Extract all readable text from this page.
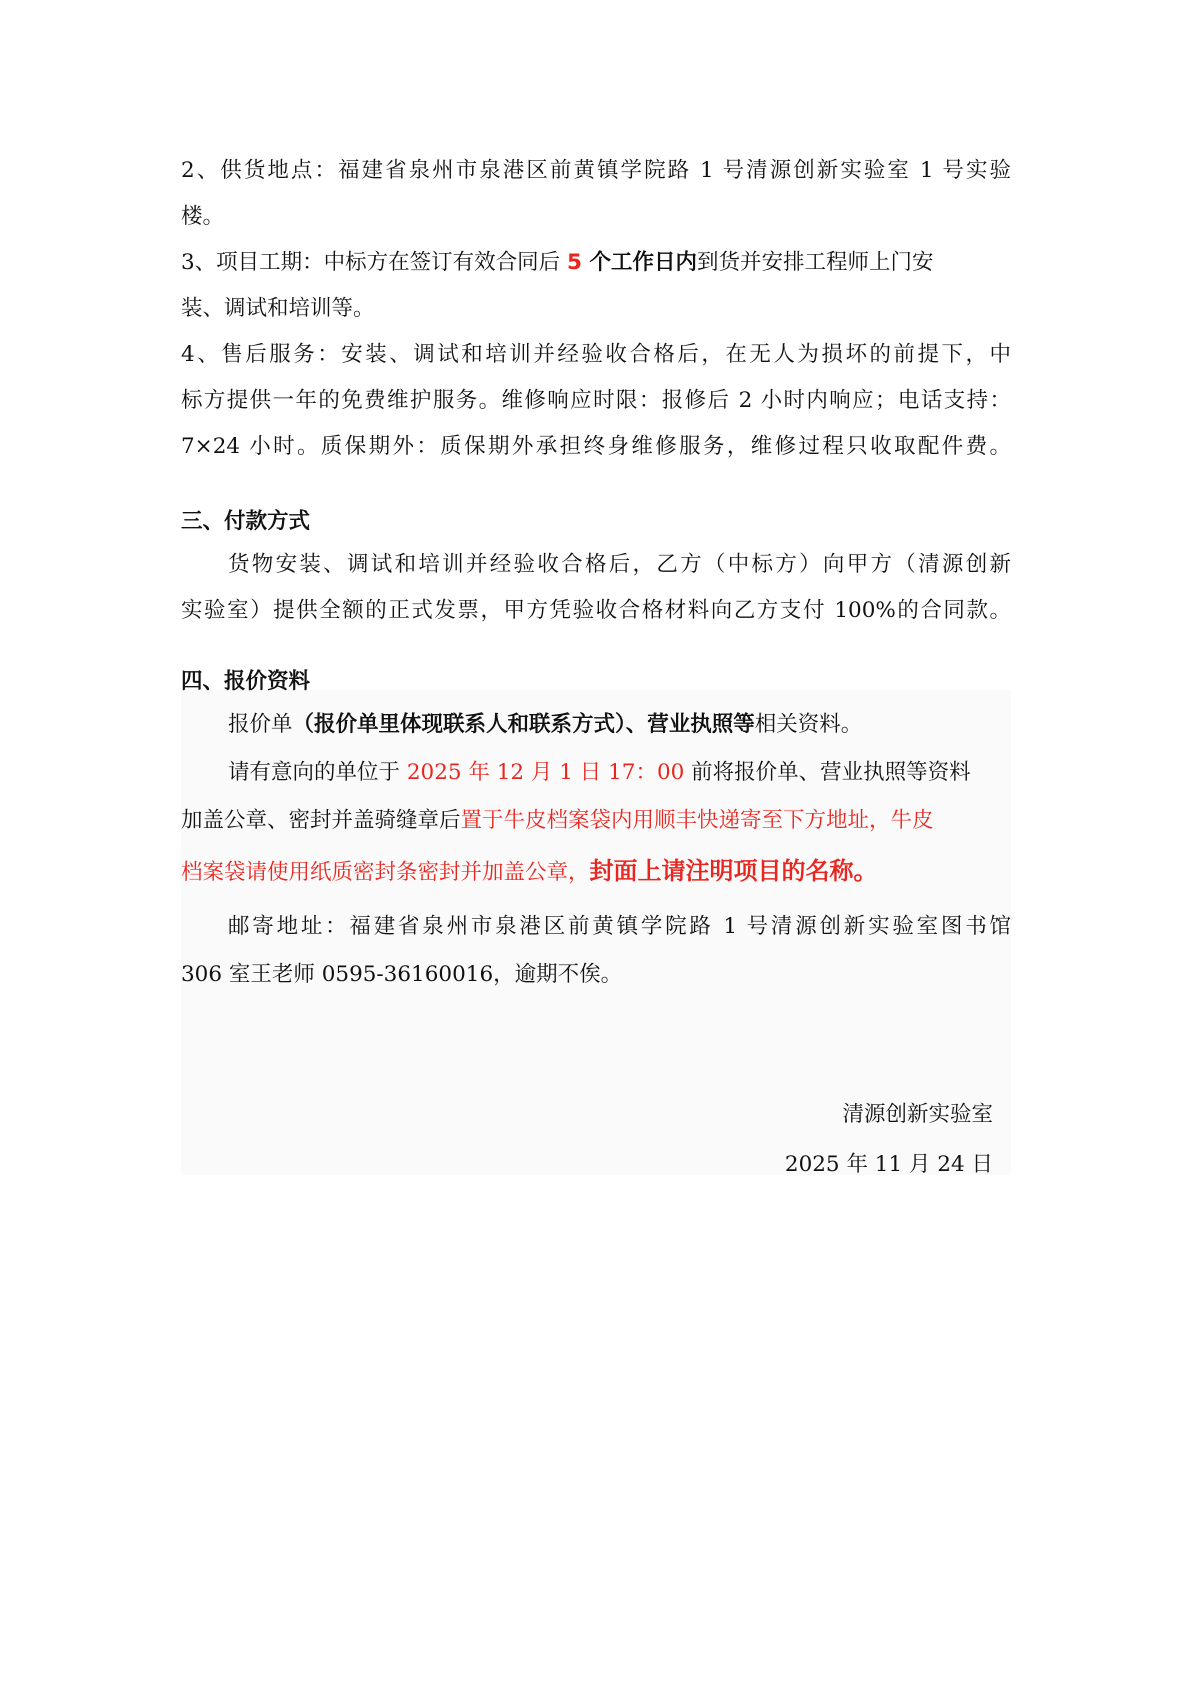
2、供货地点：福建省泉州市泉港区前黄镇学院路 1 号清源创新实验室 1 号实验
楼。
3、项目工期：中标方在签订有效合同后 5 个工作日内到货并安排工程师上门安
装、调试和培训等。
4、售后服务：安装、调试和培训并经验收合格后，在无人为损坏的前提下，中
标方提供一年的免费维护服务。维修响应时限：报修后 2 小时内响应；电话支持：
7×24 小时。质保期外：质保期外承担终身维修服务，维修过程只收取配件费。
三、付款方式
货物安装、调试和培训并经验收合格后，乙方（中标方）向甲方（清源创新
实验室）提供全额的正式发票，甲方凭验收合格材料向乙方支付 100%的合同款。
四、报价资料
报价单（报价单里体现联系人和联系方式）、营业执照等相关资料。
请有意向的单位于 2025 年 12 月 1 日 17：00 前将报价单、营业执照等资料
加盖公章、密封并盖骑缝章后置于牛皮档案袋内用顺丰快递寄至下方地址，牛皮
档案袋请使用纸质密封条密封并加盖公章，封面上请注明项目的名称。
邮寄地址：福建省泉州市泉港区前黄镇学院路 1 号清源创新实验室图书馆
306 室王老师 0595-36160016，逾期不俟。
清源创新实验室
2025 年 11 月 24 日
